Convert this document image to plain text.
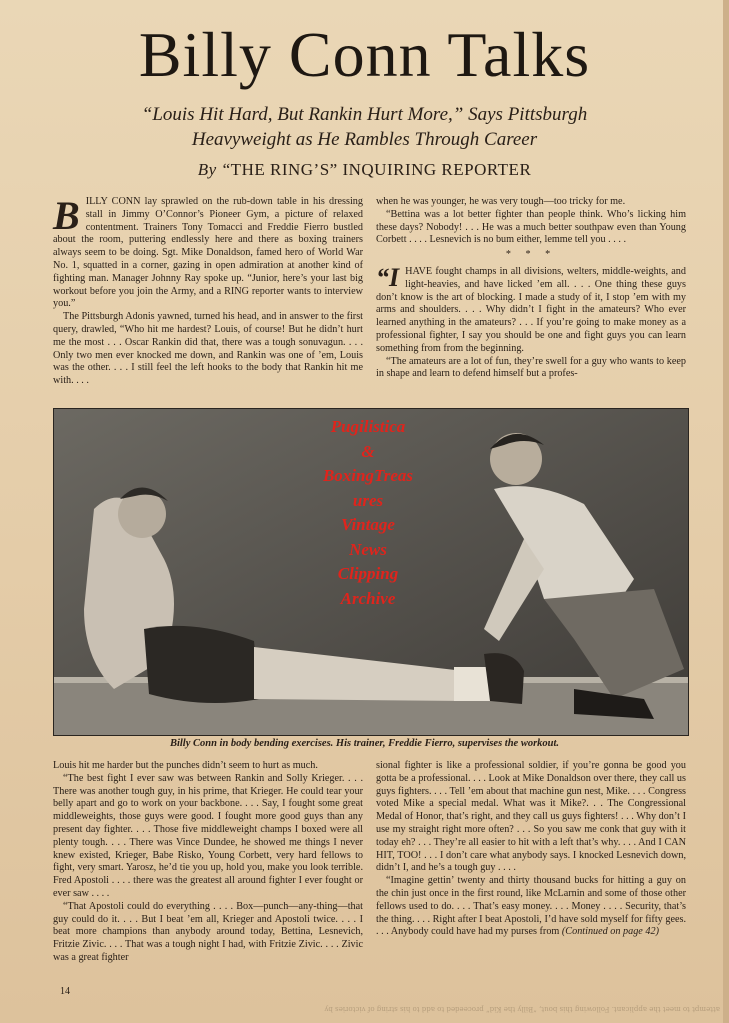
Billy Conn Talks
“Louis Hit Hard, But Rankin Hurt More,” Says Pittsburgh
Heavyweight as He Rambles Through Career
By “THE RING’S” INQUIRING REPORTER

BILLY CONN lay sprawled on the rub-down table in his dressing stall in Jimmy O’Connor’s Pioneer Gym, a picture of relaxed contentment. Trainers Tony Tomacci and Freddie Fierro bustled about the room, puttering endlessly here and there as boxing trainers always seem to be doing. Sgt. Mike Donaldson, famed hero of World War No. 1, squatted in a corner, gazing in open admiration at another kind of fighting man. Manager Johnny Ray spoke up. “Junior, here’s your last big workout before you join the Army, and a RING reporter wants to interview you.”

The Pittsburgh Adonis yawned, turned his head, and in answer to the first query, drawled, “Who hit me hardest? Louis, of course! But he didn’t hurt me the most . . . Oscar Rankin did that, there was a tough sonuvagun. . . . Only two men ever knocked me down, and Rankin was one of ’em, Louis was the other. . . . I still feel the left hooks to the body that Rankin hit me with. . . .

when he was younger, he was very tough—too tricky for me.

“Bettina was a lot better fighter than people think. Who’s licking him these days? Nobody! . . . He was a much better southpaw even than Young Corbett . . . . Lesnevich is no bum either, lemme tell you . . . .

* * *

“IHAVE fought champs in all divisions, welters, middle-weights, and light-heavies, and have licked ’em all. . . . One thing these guys don’t know is the art of blocking. I made a study of it, I stop ’em with my arms and shoulders. . . . Why didn’t I fight in the amateurs? Who ever learned anything in the amateurs? . . . If you’re going to make money as a professional fighter, I say you should be one and fight guys you can learn something from from the beginning.

“The amateurs are a lot of fun, they’re swell for a guy who wants to keep in shape and learn to defend himself but a profes-

Pugilistica
&
BoxingTreas
ures
Vintage
News
Clipping
Archive
Billy Conn in body bending exercises. His trainer, Freddie Fierro, supervises the workout.

Louis hit me harder but the punches didn’t seem to hurt as much.

“The best fight I ever saw was between Rankin and Solly Krieger. . . . There was another tough guy, in his prime, that Krieger. He could tear your belly apart and go to work on your backbone. . . . Say, I fought some great middleweights, those guys were good. I fought more good guys than any present day fighter. . . . Those five middleweight champs I boxed were all plenty tough. . . . There was Vince Dundee, he showed me things I never knew existed, Krieger, Babe Risko, Young Corbett, very hard fellows to fight, very smart. Yarosz, he’d tie you up, hold you, make you look terrible. Fred Apostoli . . . . there was the greatest all around fighter I ever fought or ever saw . . . .

“That Apostoli could do everything . . . . Box—punch—any-thing—that guy could do it. . . . But I beat ’em all, Krieger and Apostoli twice. . . . I beat more champions than anybody around today, Bettina, Lesnevich, Fritzie Zivic. . . . That was a tough night I had, with Fritzie Zivic. . . . Zivic was a great fighter

sional fighter is like a professional soldier, if you’re gonna be good you gotta be a professional. . . . Look at Mike Donaldson over there, they call us guys fighters. . . . Tell ’em about that machine gun nest, Mike. . . . Congress voted Mike a special medal. What was it Mike?. . . The Congressional Medal of Honor, that’s right, and they call us guys fighters! . . . Why don’t I use my straight right more often? . . . So you saw me conk that guy with it today eh? . . . They’re all easier to hit with a left that’s why. . . . And I CAN HIT, TOO! . . . I don’t care what anybody says. I knocked Lesnevich down, didn’t I, and he’s a tough guy . . . .

“Imagine gettin’ twenty and thirty thousand bucks for hitting a guy on the chin just once in the first round, like McLarnin and some of those other fellows used to do. . . . That’s easy money. . . . Money . . . . Security, that’s the thing. . . . Right after I beat Apostoli, I’d have sold myself for fifty gees. . . . Anybody could have had my purses from (Continued on page 42)

14
attempt to meet the applicant. Following this bout, “Billy the Kid” proceeded to add to his string of victories by
